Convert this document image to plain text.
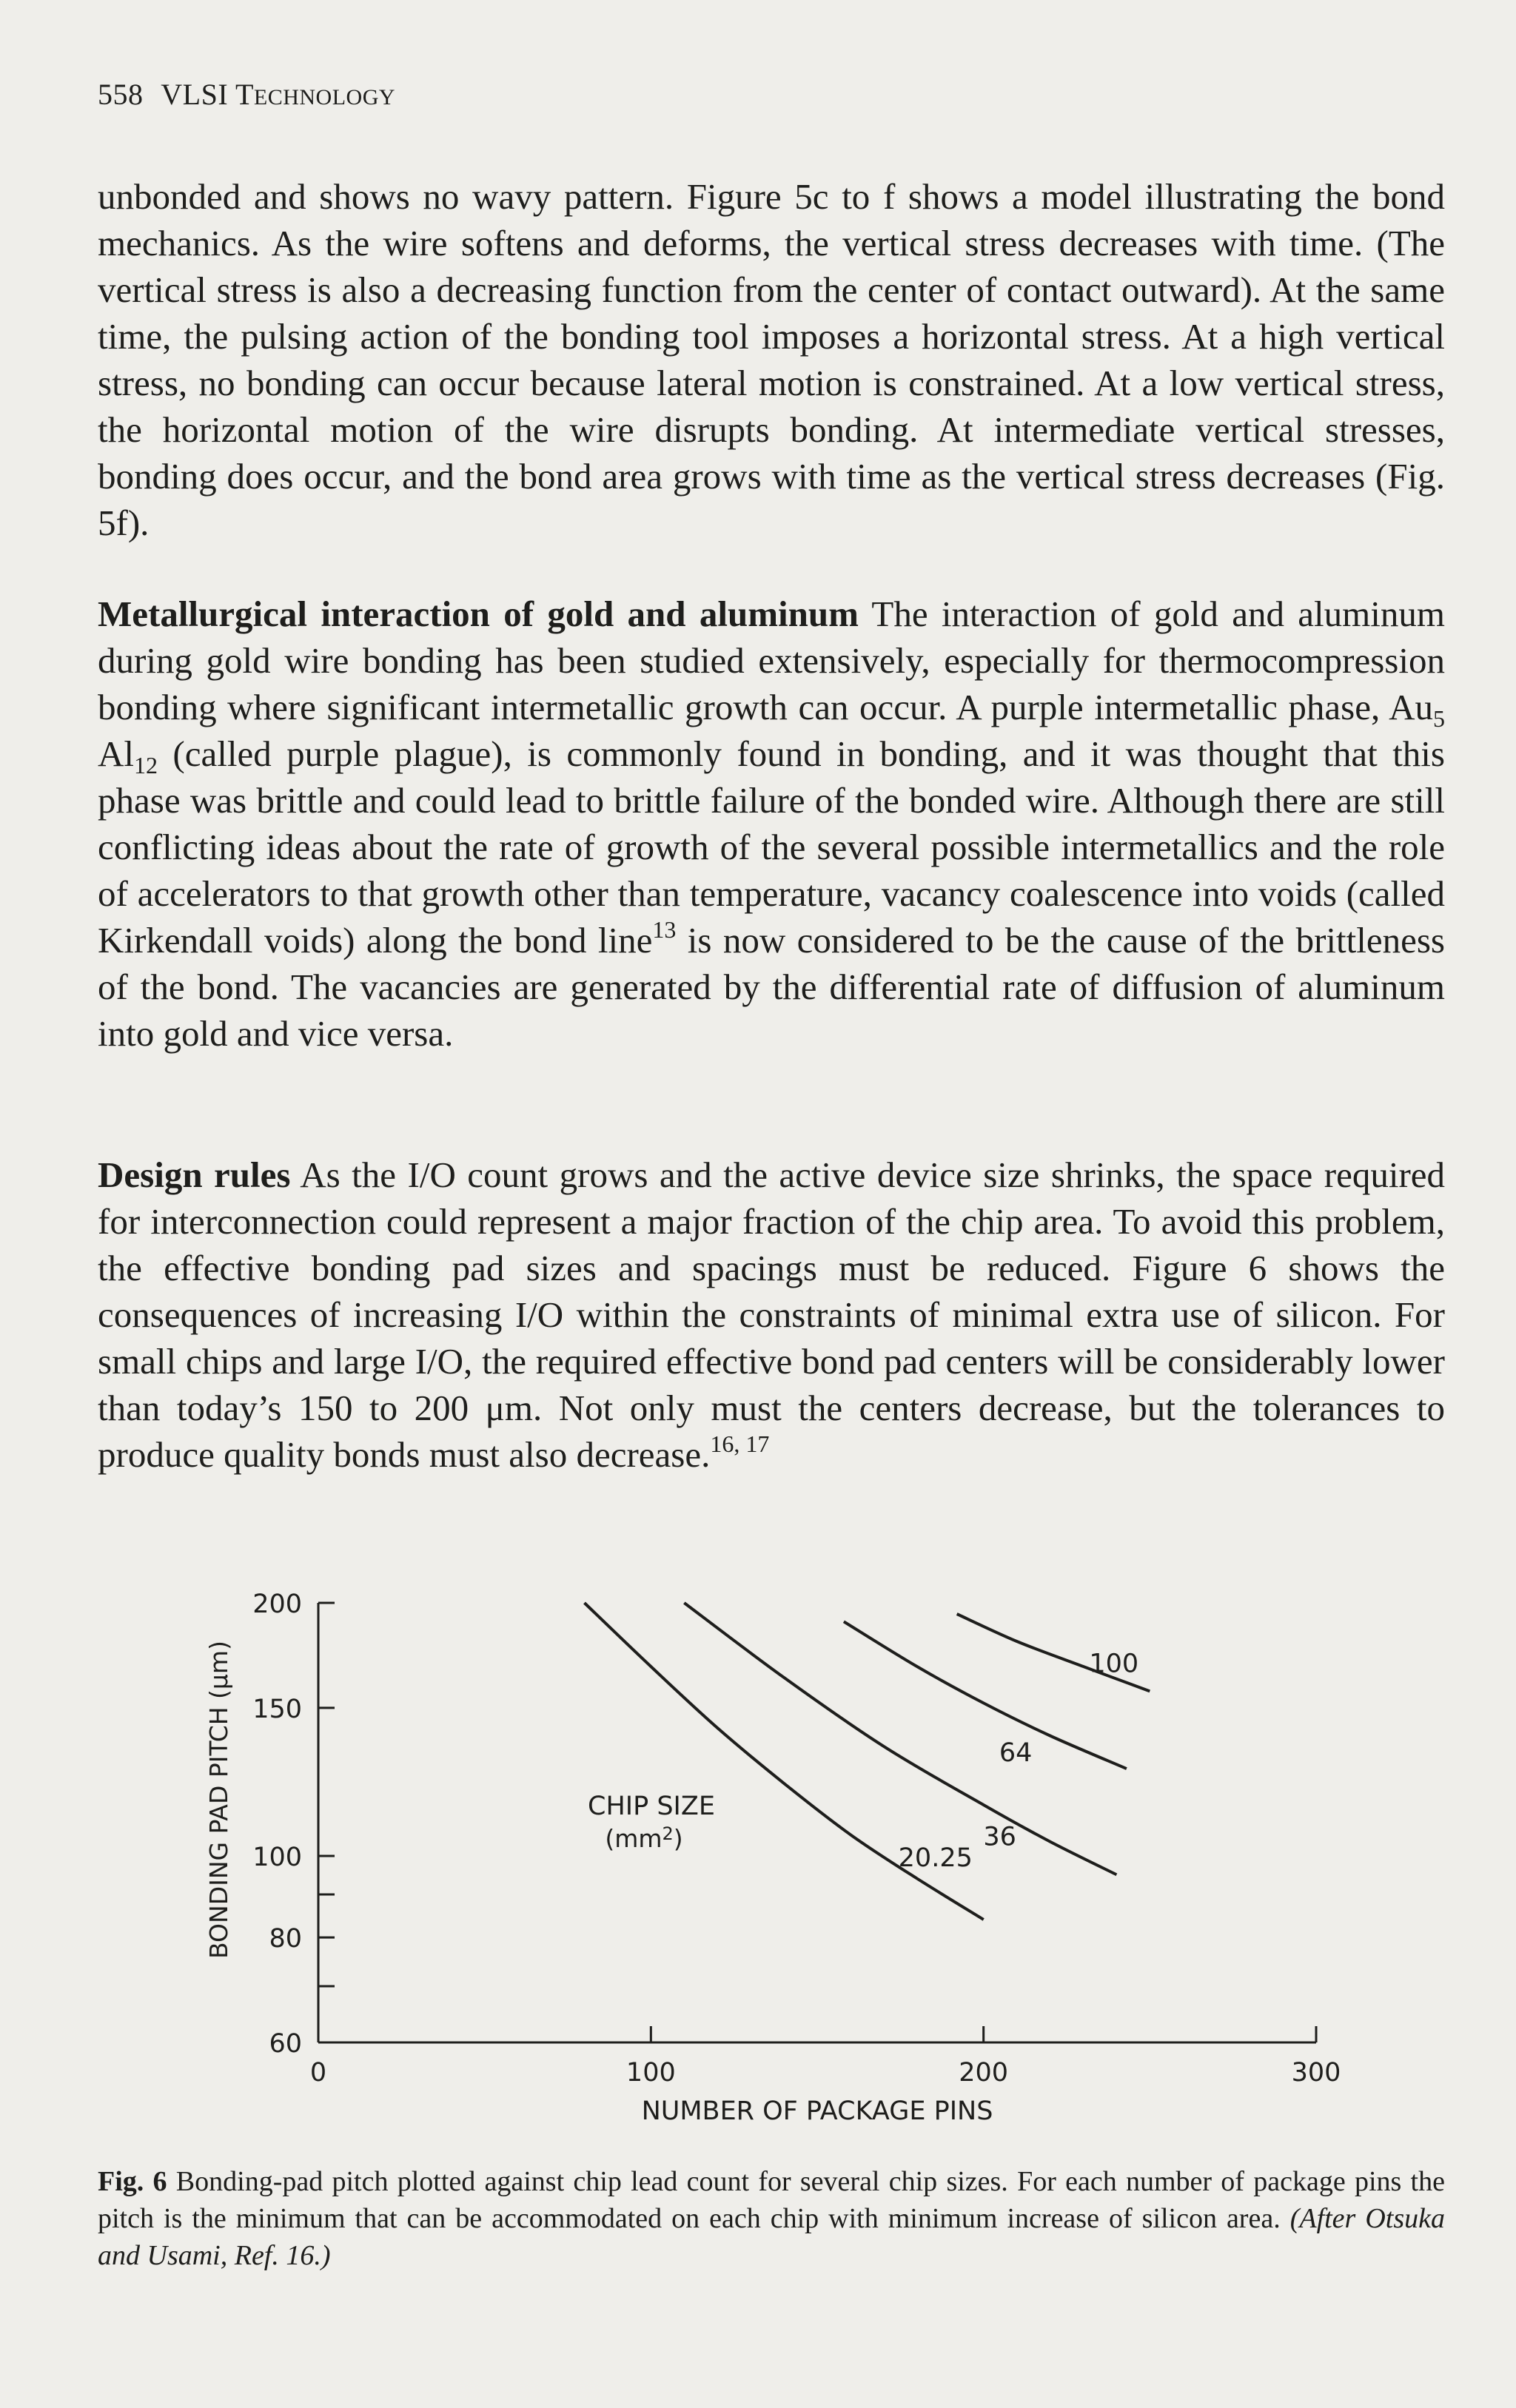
558 VLSI TECHNOLOGY
unbonded and shows no wavy pattern. Figure 5c to f shows a model illustrating the bond mechanics. As the wire softens and deforms, the vertical stress decreases with time. (The vertical stress is also a decreasing function from the center of contact outward). At the same time, the pulsing action of the bonding tool imposes a horizontal stress. At a high vertical stress, no bonding can occur because lateral motion is constrained. At a low vertical stress, the horizontal motion of the wire disrupts bonding. At intermediate vertical stresses, bonding does occur, and the bond area grows with time as the vertical stress decreases (Fig. 5f).
Metallurgical interaction of gold and aluminum The interaction of gold and aluminum during gold wire bonding has been studied extensively, especially for thermocompression bonding where significant intermetallic growth can occur. A purple intermetallic phase, $Au_5$ $Al_{12}$ (called purple plague), is commonly found in bonding, and it was thought that this phase was brittle and could lead to brittle failure of the bonded wire. Although there are still conflicting ideas about the rate of growth of the several possible intermetallics and the role of accelerators to that growth other than temperature, vacancy coalescence into voids (called Kirkendall voids) along the bond line$^{13}$ is now considered to be the cause of the brittleness of the bond. The vacancies are generated by the differential rate of diffusion of aluminum into gold and vice versa.
Design rules As the I/O count grows and the active device size shrinks, the space required for interconnection could represent a major fraction of the chip area. To avoid this problem, the effective bonding pad sizes and spacings must be reduced. Figure 6 shows the consequences of increasing I/O within the constraints of minimal extra use of silicon. For small chips and large I/O, the required effective bond pad centers will be considerably lower than today’s 150 to 200 μm. Not only must the centers decrease, but the tolerances to produce quality bonds must also decrease.$^{16, 17}$
60
80
100
150
200
0	100	200	300
NUMBER OF PACKAGE PINS
BONDING PAD PITCH (μm)	20.25
36
64
100
CHIP SIZE
$(mm^2)$
Fig. 6 Bonding-pad pitch plotted against chip lead count for several chip sizes. For each number of package pins the pitch is the minimum that can be accommodated on each chip with minimum increase of silicon area. (After Otsuka and Usami, Ref. 16.)
